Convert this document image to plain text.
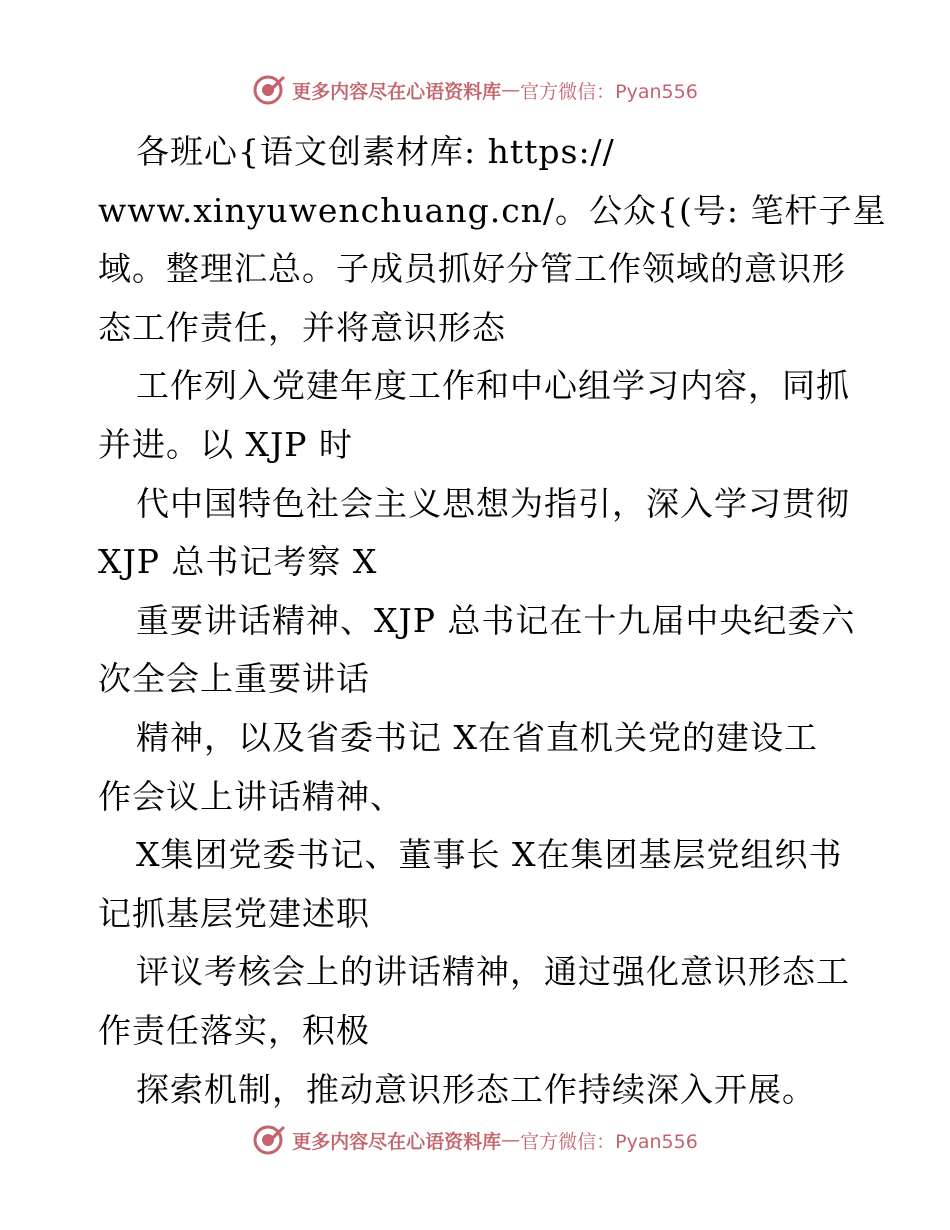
更多内容尽在心语资料库 — 官方微信：Pyan556
各班心{语文创素材库: https://
www.xinyuwenchuang.cn/。公众{(号: 笔杆子星
域。整理汇总。子成员抓好分管工作领域的意识形
态工作责任，并将意识形态
工作列入党建年度工作和中心组学习内容，同抓
并进。以 XJP 时
代中国特色社会主义思想为指引，深入学习贯彻
XJP 总书记考察 X
重要讲话精神、XJP 总书记在十九届中央纪委六
次全会上重要讲话
精神，以及省委书记 X在省直机关党的建设工
作会议上讲话精神、
X集团党委书记、董事长 X在集团基层党组织书
记抓基层党建述职
评议考核会上的讲话精神，通过强化意识形态工
作责任落实，积极
探索机制，推动意识形态工作持续深入开展。
更多内容尽在心语资料库 — 官方微信：Pyan556
